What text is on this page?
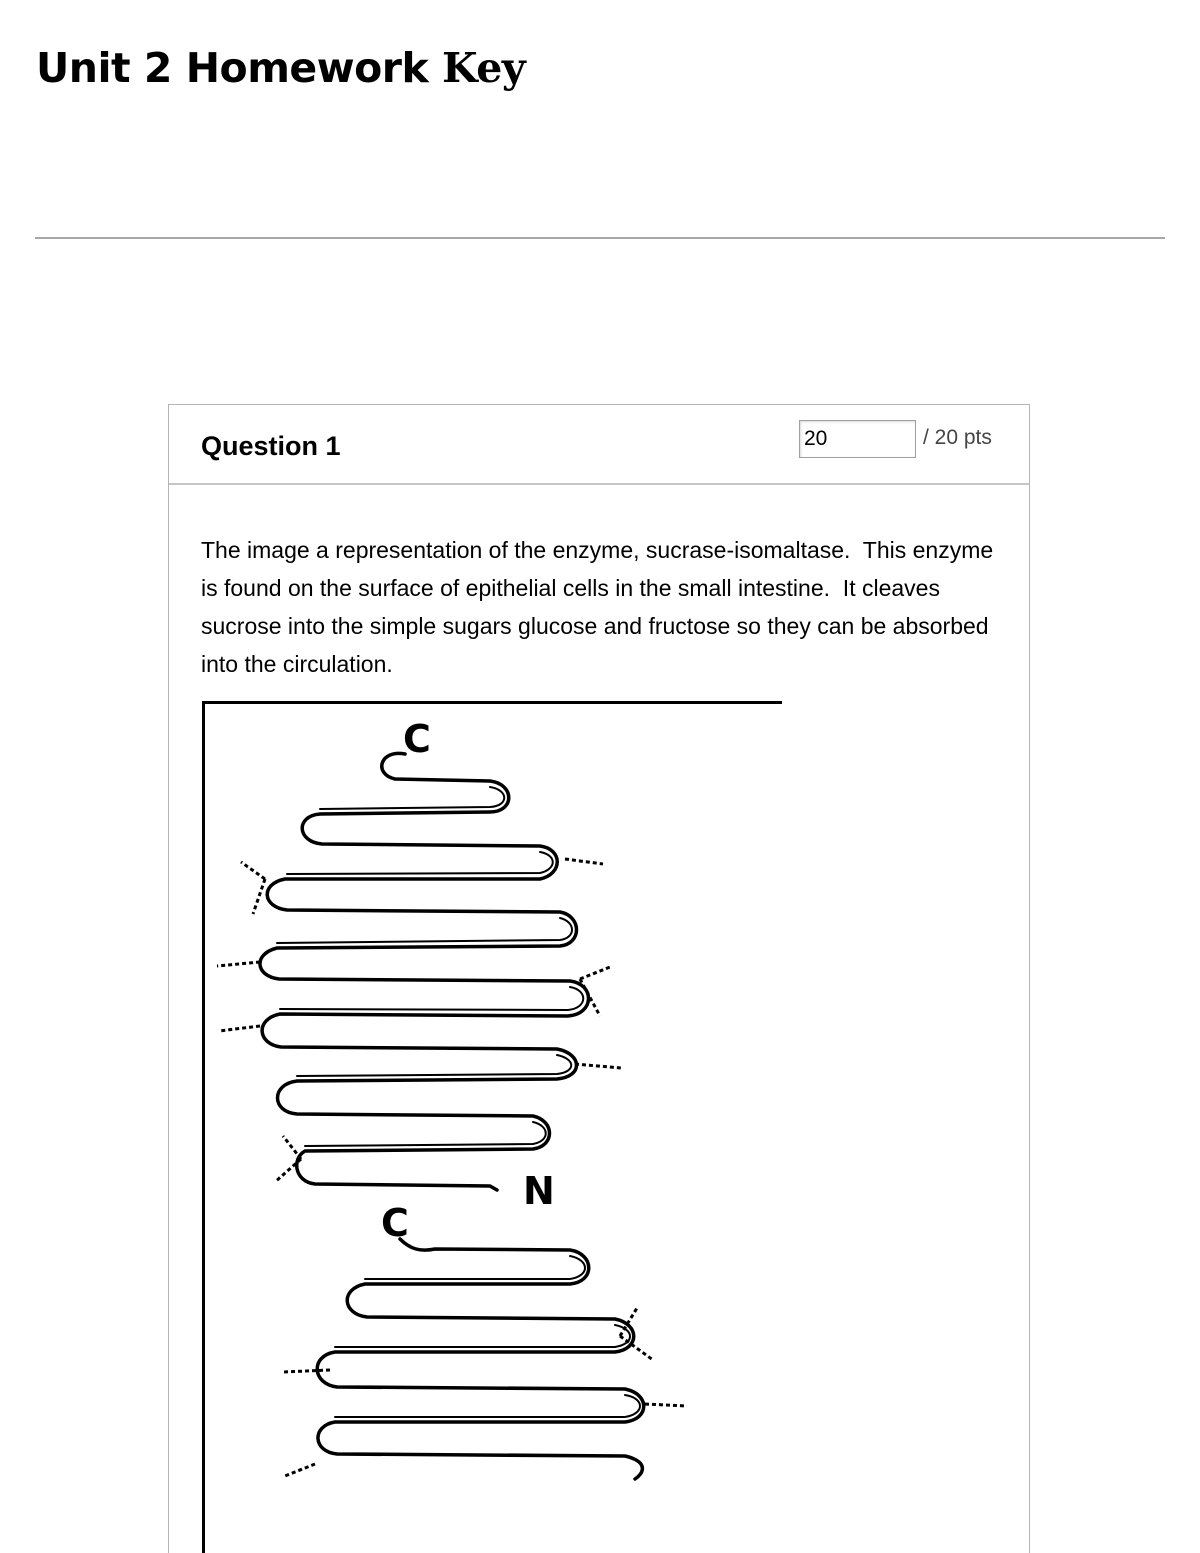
Unit 2 Homework Key
Question 1
20	/ 20 pts

The image a representation of the enzyme, sucrase-isomaltase.  This enzyme is found on the surface of epithelial cells in the small intestine.  It cleaves sucrose into the simple sugars glucose and fructose so they can be absorbed into the circulation.

C
N
C
